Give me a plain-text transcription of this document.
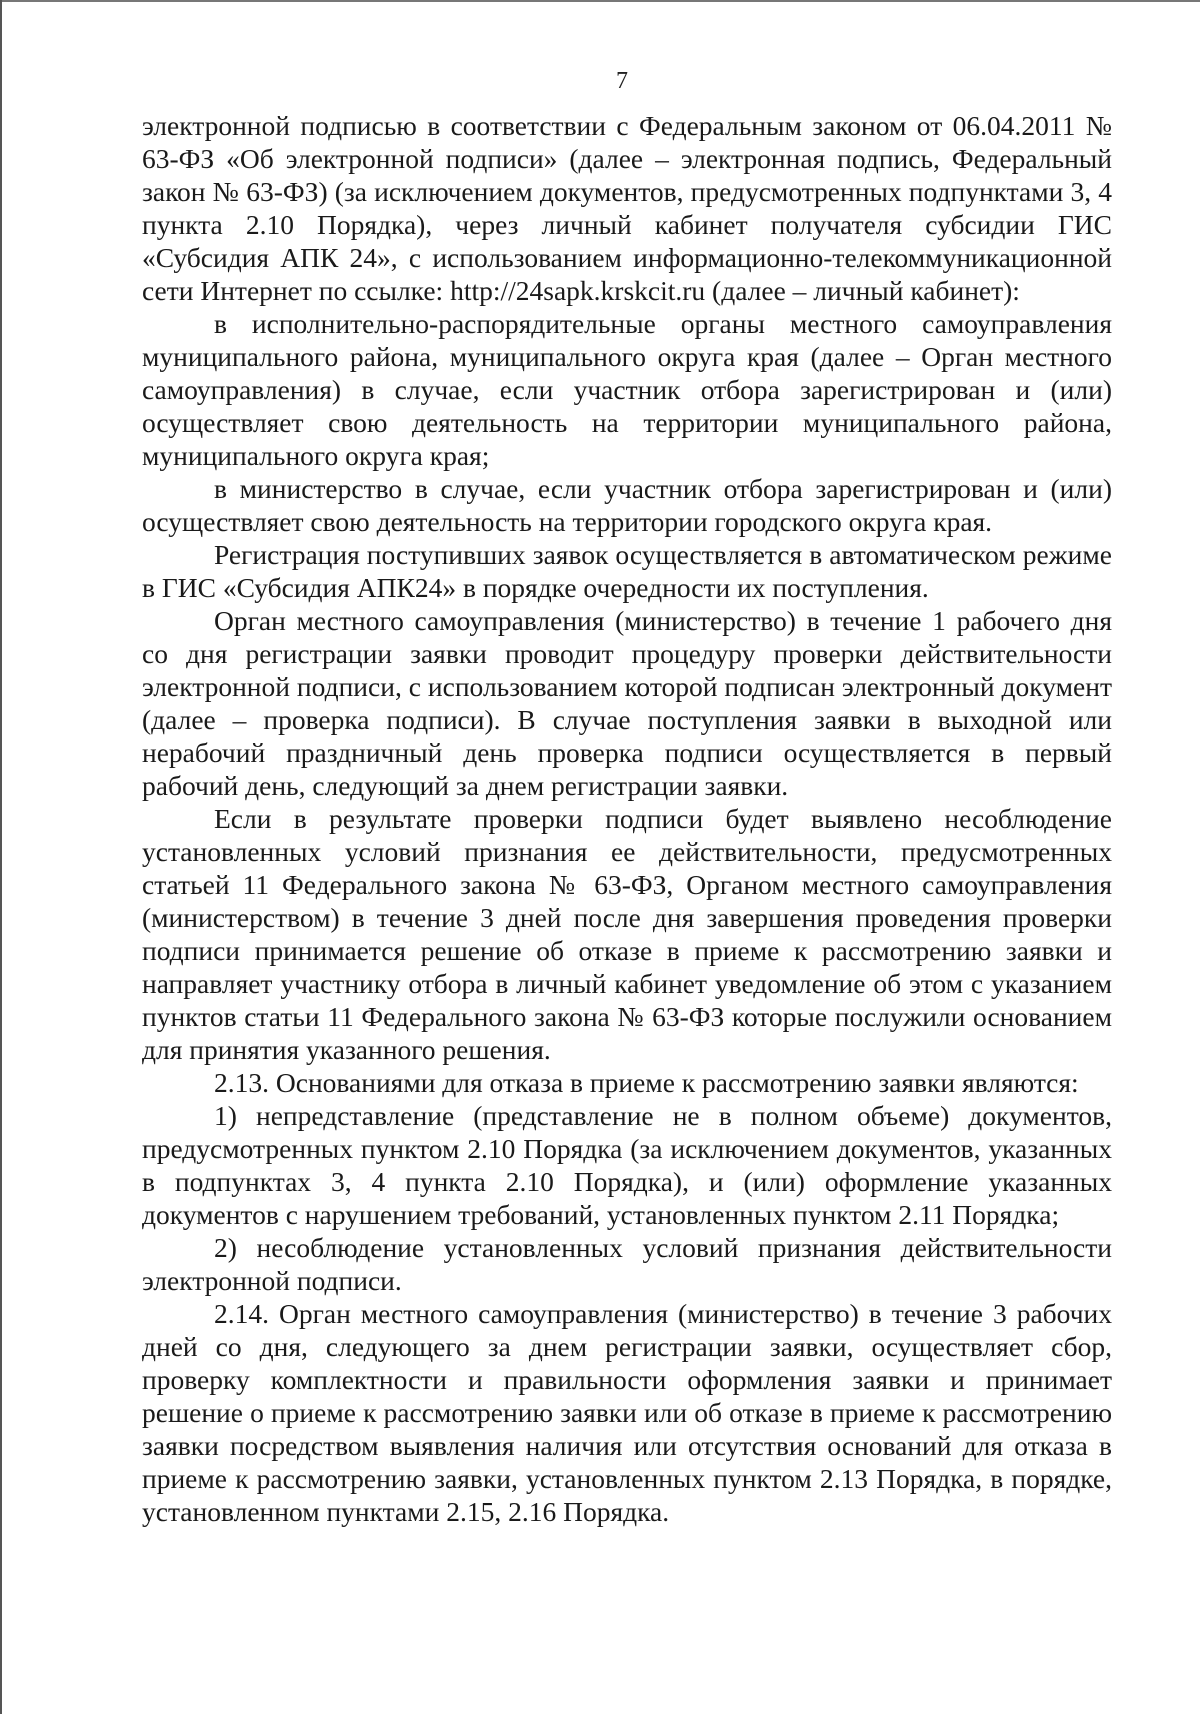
7

электронной подписью в соответствии с Федеральным законом от 06.04.2011 № 63-ФЗ «Об электронной подписи» (далее – электронная подпись, Федеральный закон № 63-ФЗ) (за исключением документов, предусмотренных подпунктами 3, 4 пункта 2.10 Порядка), через личный кабинет получателя субсидии ГИС «Субсидия АПК 24», с использованием информационно-телекоммуникационной сети Интернет по ссылке: http://24sapk.krskcit.ru (далее – личный кабинет):

в исполнительно-распорядительные органы местного самоуправления муниципального района, муниципального округа края (далее – Орган местного самоуправления) в случае, если участник отбора зарегистрирован и (или) осуществляет свою деятельность на территории муниципального района, муниципального округа края;

в министерство в случае, если участник отбора зарегистрирован и (или) осуществляет свою деятельность на территории городского округа края.

Регистрация поступивших заявок осуществляется в автоматическом режиме в ГИС «Субсидия АПК24» в порядке очередности их поступления.

Орган местного самоуправления (министерство) в течение 1 рабочего дня со дня регистрации заявки проводит процедуру проверки действительности электронной подписи, с использованием которой подписан электронный документ (далее – проверка подписи). В случае поступления заявки в выходной или нерабочий праздничный день проверка подписи осуществляется в первый рабочий день, следующий за днем регистрации заявки.

Если в результате проверки подписи будет выявлено несоблюдение установленных условий признания ее действительности, предусмотренных статьей 11 Федерального закона № 63-ФЗ, Органом местного самоуправления (министерством) в течение 3 дней после дня завершения проведения проверки подписи принимается решение об отказе в приеме к рассмотрению заявки и направляет участнику отбора в личный кабинет уведомление об этом с указанием пунктов статьи 11 Федерального закона № 63-ФЗ которые послужили основанием для принятия указанного решения.

2.13. Основаниями для отказа в приеме к рассмотрению заявки являются:

1) непредставление (представление не в полном объеме) документов, предусмотренных пунктом 2.10 Порядка (за исключением документов, указанных в подпунктах 3, 4 пункта 2.10 Порядка), и (или) оформление указанных документов с нарушением требований, установленных пунктом 2.11 Порядка;

2) несоблюдение установленных условий признания действительности электронной подписи.

2.14. Орган местного самоуправления (министерство) в течение 3 рабочих дней со дня, следующего за днем регистрации заявки, осуществляет сбор, проверку комплектности и правильности оформления заявки и принимает решение о приеме к рассмотрению заявки или об отказе в приеме к рассмотрению заявки посредством выявления наличия или отсутствия оснований для отказа в приеме к рассмотрению заявки, установленных пунктом 2.13 Порядка, в порядке, установленном пунктами 2.15, 2.16 Порядка.
